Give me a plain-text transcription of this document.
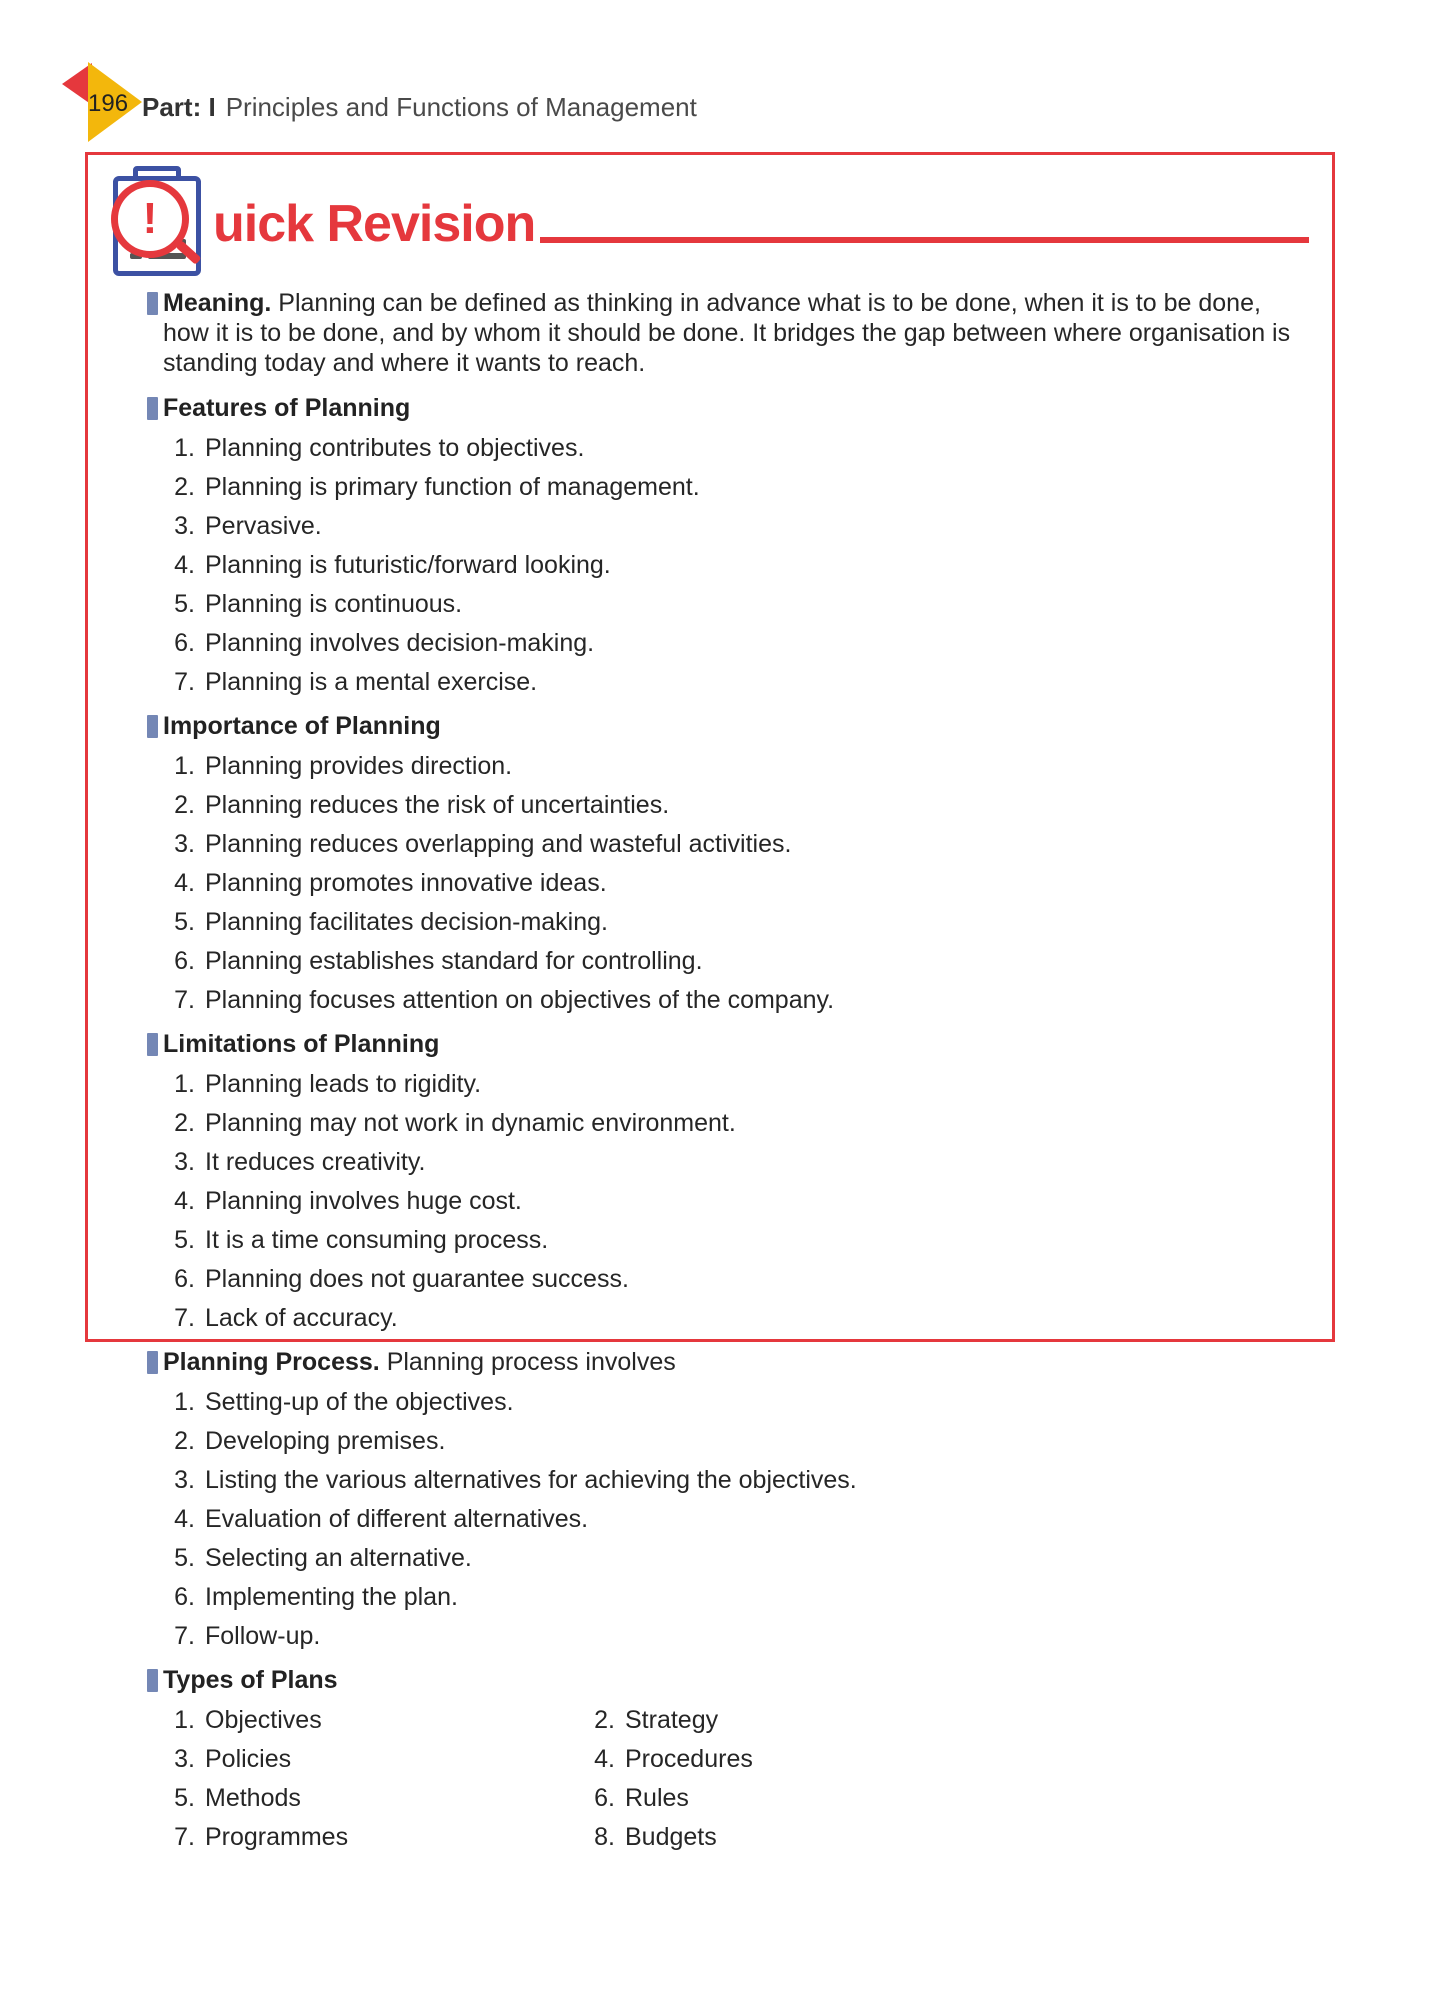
196 Part: I Principles and Functions of Management
! uick Revision
Meaning. Planning can be defined as thinking in advance what is to be done, when it is to be done, how it is to be done, and by whom it should be done. It bridges the gap between where organisation is standing today and where it wants to reach.
Features of Planning
1. Planning contributes to objectives.
2. Planning is primary function of management.
3. Pervasive.
4. Planning is futuristic/forward looking.
5. Planning is continuous.
6. Planning involves decision-making.
7. Planning is a mental exercise.
Importance of Planning
1. Planning provides direction.
2. Planning reduces the risk of uncertainties.
3. Planning reduces overlapping and wasteful activities.
4. Planning promotes innovative ideas.
5. Planning facilitates decision-making.
6. Planning establishes standard for controlling.
7. Planning focuses attention on objectives of the company.
Limitations of Planning
1. Planning leads to rigidity.
2. Planning may not work in dynamic environment.
3. It reduces creativity.
4. Planning involves huge cost.
5. It is a time consuming process.
6. Planning does not guarantee success.
7. Lack of accuracy.
Planning Process. Planning process involves
1. Setting-up of the objectives.
2. Developing premises.
3. Listing the various alternatives for achieving the objectives.
4. Evaluation of different alternatives.
5. Selecting an alternative.
6. Implementing the plan.
7. Follow-up.
Types of Plans
1. Objectives
3. Policies
5. Methods
7. Programmes
2. Strategy
4. Procedures
6. Rules
8. Budgets
